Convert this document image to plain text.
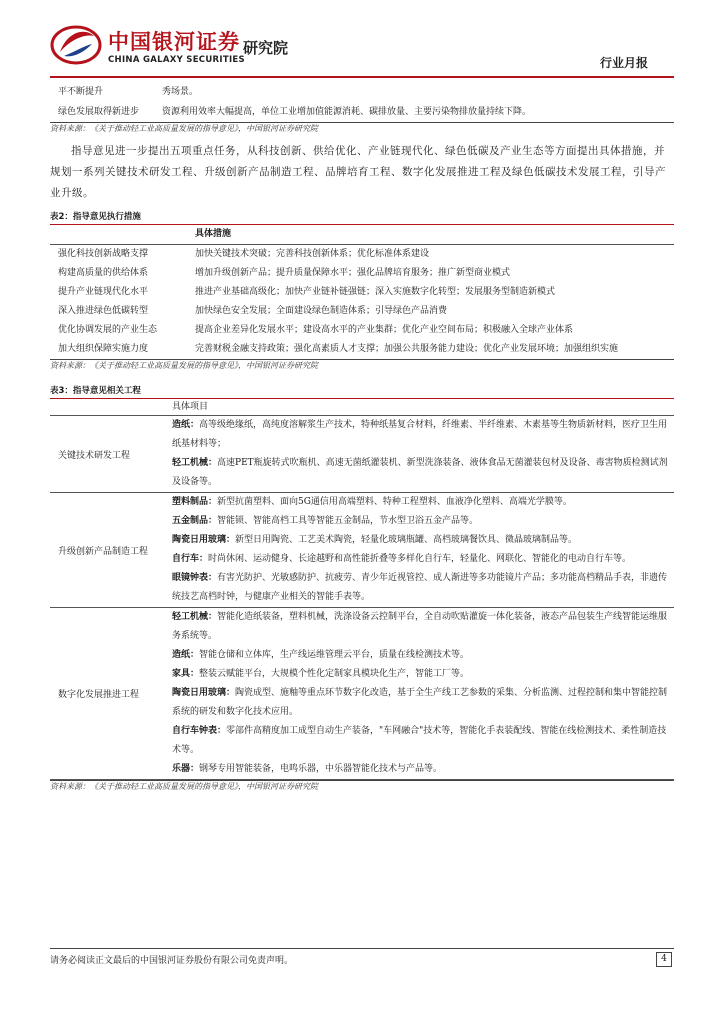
中国银河证券 研究院
CHINA GALAXY SECURITIES	行业月报
平不断提升	秀场景。
绿色发展取得新进步	资源利用效率大幅提高，单位工业增加值能源消耗、碳排放量、主要污染物排放量持续下降。
资料来源：《关于推动轻工业高质量发展的指导意见》，中国银河证券研究院

指导意见进一步提出五项重点任务，从科技创新、供给优化、产业链现代化、绿色低碳及产业生态等方面提出具体措施，并规划一系列关键技术研发工程、升级创新产品制造工程、品牌培育工程、数字化发展推进工程及绿色低碳技术发展工程，引导产业升级。

表2：指导意见执行措施
具体措施
强化科技创新战略支撑	加快关键技术突破；完善科技创新体系；优化标准体系建设
构建高质量的供给体系	增加升级创新产品；提升质量保障水平；强化品牌培育服务；推广新型商业模式
提升产业链现代化水平	推进产业基础高级化；加快产业链补链强链；深入实施数字化转型；发展服务型制造新模式
深入推进绿色低碳转型	加快绿色安全发展；全面建设绿色制造体系；引导绿色产品消费
优化协调发展的产业生态	提高企业差异化发展水平；建设高水平的产业集群；优化产业空间布局；积极融入全球产业体系
加大组织保障实施力度	完善财税金融支持政策；强化高素质人才支撑；加强公共服务能力建设；优化产业发展环境；加强组织实施
资料来源：《关于推动轻工业高质量发展的指导意见》，中国银河证券研究院
表3：指导意见相关工程
具体项目
关键技术研发工程
造纸：高等级绝缘纸，高纯度溶解浆生产技术，特种纸基复合材料，纤维素、半纤维素、木素基等生物质新材料，医疗卫生用纸基材料等；
轻工机械：高速PET瓶旋转式吹瓶机、高速无菌纸灌装机、新型洗涤装备、液体食品无菌灌装包材及设备、毒害物质检测试剂及设备等。
升级创新产品制造工程
塑料制品：新型抗菌塑料、面向5G通信用高端塑料、特种工程塑料、血液净化塑料、高端光学膜等。
五金制品：智能锁、智能高档工具等智能五金制品，节水型卫浴五金产品等。
陶瓷日用玻璃：新型日用陶瓷、工艺美术陶瓷，轻量化玻璃瓶罐、高档玻璃餐饮具、微晶玻璃制品等。
自行车：时尚休闲、运动健身、长途越野和高性能折叠等多样化自行车，轻量化、网联化、智能化的电动自行车等。
眼镜钟表：有害光防护、光敏感防护、抗疲劳、青少年近视管控、成人渐进等多功能镜片产品；多功能高档精品手表，非遗传统技艺高档时钟，与健康产业相关的智能手表等。
数字化发展推进工程
轻工机械：智能化造纸装备，塑料机械，洗涤设备云控制平台，全自动吹贴灌旋一体化装备，液态产品包装生产线智能运维服务系统等。
造纸：智能仓储和立体库，生产线运维管理云平台，质量在线检测技术等。
家具：整装云赋能平台，大规模个性化定制家具模块化生产，智能工厂等。
陶瓷日用玻璃：陶瓷成型、施釉等重点环节数字化改造，基于全生产线工艺参数的采集、分析监测、过程控制和集中智能控制系统的研发和数字化技术应用。
自行车钟表：零部件高精度加工成型自动生产装备，"车网融合"技术等，智能化手表装配线、智能在线检测技术、柔性制造技术等。
乐器：钢琴专用智能装备，电鸣乐器，中乐器智能化技术与产品等。
资料来源：《关于推动轻工业高质量发展的指导意见》，中国银河证券研究院
请务必阅读正文最后的中国银河证券股份有限公司免责声明。	4
